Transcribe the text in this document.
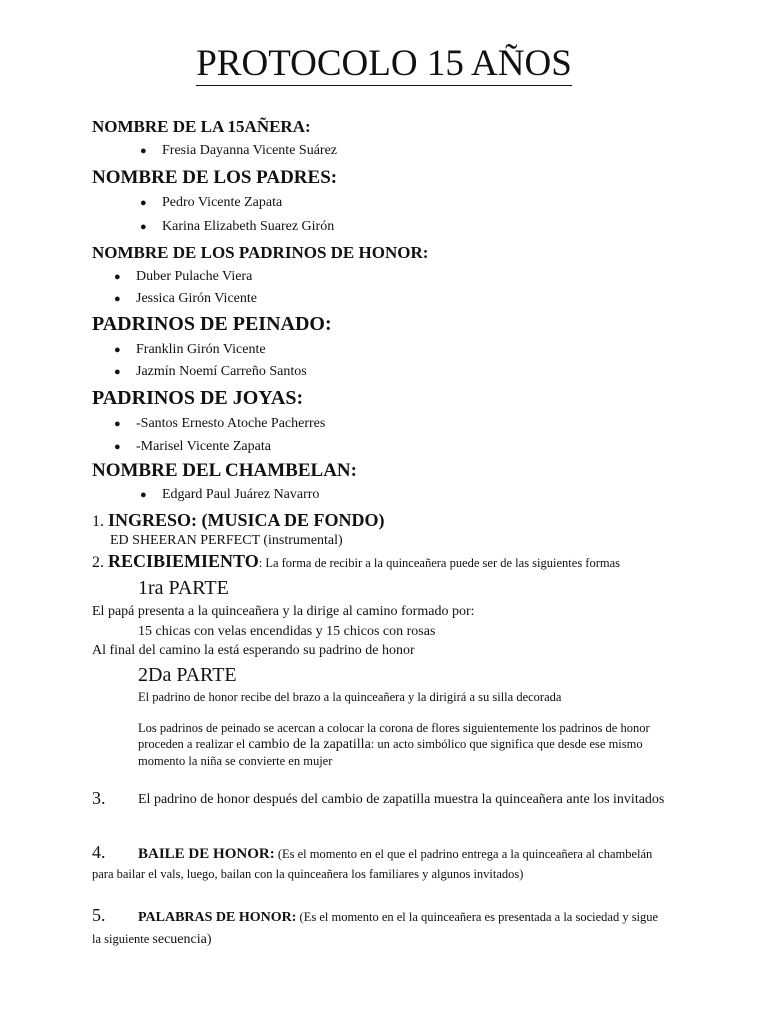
PROTOCOLO 15 AÑOS
NOMBRE DE LA 15AÑERA:
●	Fresia Dayanna Vicente Suárez
NOMBRE DE LOS PADRES:
●	Pedro Vicente Zapata
●	Karina Elizabeth Suarez Girón
NOMBRE DE LOS PADRINOS DE HONOR:
●	Duber Pulache Viera
●	Jessica Girón Vicente
PADRINOS DE PEINADO:
●	Franklin Girón Vicente
●	Jazmín Noemí Carreño Santos
PADRINOS DE JOYAS:
●	-Santos Ernesto Atoche Pacherres
●	-Marisel Vicente Zapata
NOMBRE DEL CHAMBELAN:
●	Edgard Paul Juárez Navarro
1. INGRESO: (MUSICA DE FONDO)
ED SHEERAN PERFECT (instrumental)
2. RECIBIEMIENTO: La forma de recibir a la quinceañera puede ser de las siguientes formas
1ra PARTE
El papá presenta a la quinceañera y la dirige al camino formado por:
15 chicas con velas encendidas y 15 chicos con rosas
Al final del camino la está esperando su padrino de honor
2Da PARTE
El padrino de honor recibe del brazo a la quinceañera y la dirigirá a su silla decorada
Los padrinos de peinado se acercan a colocar la corona de flores siguientemente los padrinos de honor
proceden a realizar el cambio de la zapatilla: un acto simbólico que significa que desde ese mismo
momento la niña se convierte en mujer
3. El padrino de honor después del cambio de zapatilla muestra la quinceañera ante los invitados
4. BAILE DE HONOR: (Es el momento en el que el padrino entrega a la quinceañera al chambelán
para bailar el vals, luego, bailan con la quinceañera los familiares y algunos invitados)
5. PALABRAS DE HONOR: (Es el momento en el la quinceañera es presentada a la sociedad y sigue
la siguiente secuencia)
